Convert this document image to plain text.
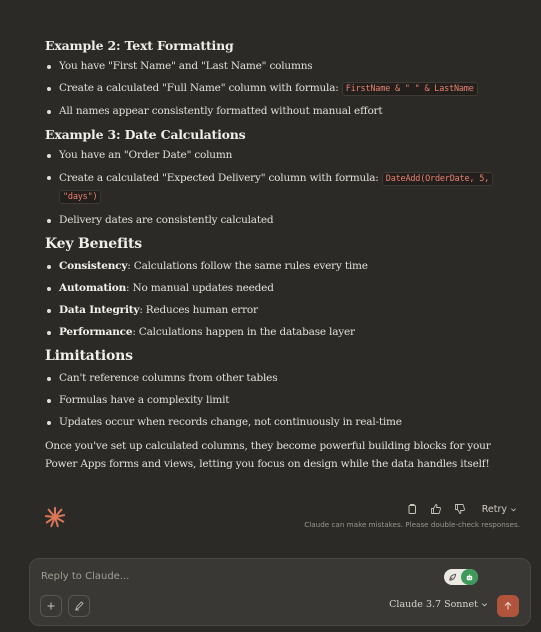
Example 2: Text Formatting
You have "First Name" and "Last Name" columns
Create a calculated "Full Name" column with formula: FirstName & " " & LastName
All names appear consistently formatted without manual effort
Example 3: Date Calculations
You have an "Order Date" column
Create a calculated "Expected Delivery" column with formula: DateAdd(OrderDate, 5,
"days")
Delivery dates are consistently calculated
Key Benefits
Consistency: Calculations follow the same rules every time
Automation: No manual updates needed
Data Integrity: Reduces human error
Performance: Calculations happen in the database layer
Limitations
Can't reference columns from other tables
Formulas have a complexity limit
Updates occur when records change, not continuously in real-time

Once you've set up calculated columns, they become powerful building blocks for your Power Apps forms and views, letting you focus on design while the data handles itself!

Retry
Claude can make mistakes. Please double-check responses.
Reply to Claude...
Claude 3.7 Sonnet
